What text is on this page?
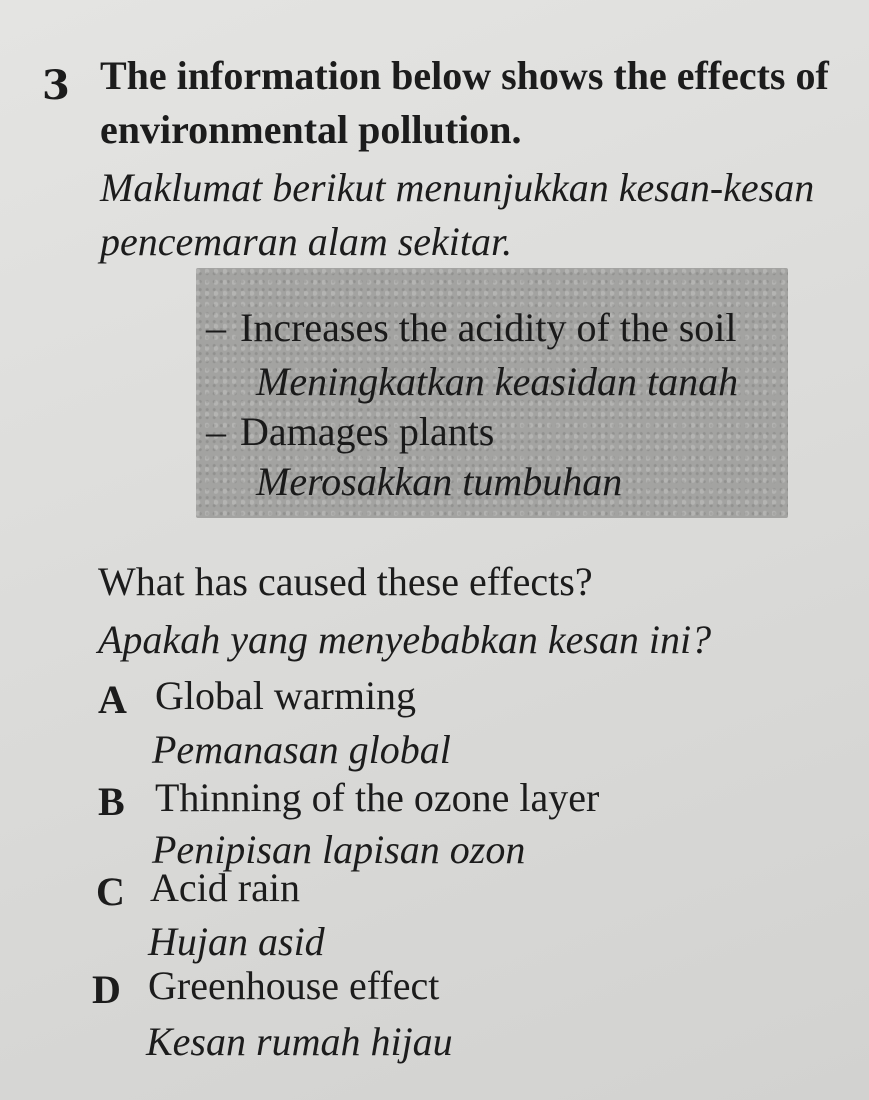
3 The information below shows the effects of
environmental pollution.
Maklumat berikut menunjukkan kesan-kesan
pencemaran alam sekitar.
– Increases the acidity of the soil
Meningkatkan keasidan tanah
– Damages plants
Merosakkan tumbuhan
What has caused these effects?
Apakah yang menyebabkan kesan ini?
A Global warming
Pemanasan global
B Thinning of the ozone layer
Penipisan lapisan ozon
C Acid rain
Hujan asid
D Greenhouse effect
Kesan rumah hijau
